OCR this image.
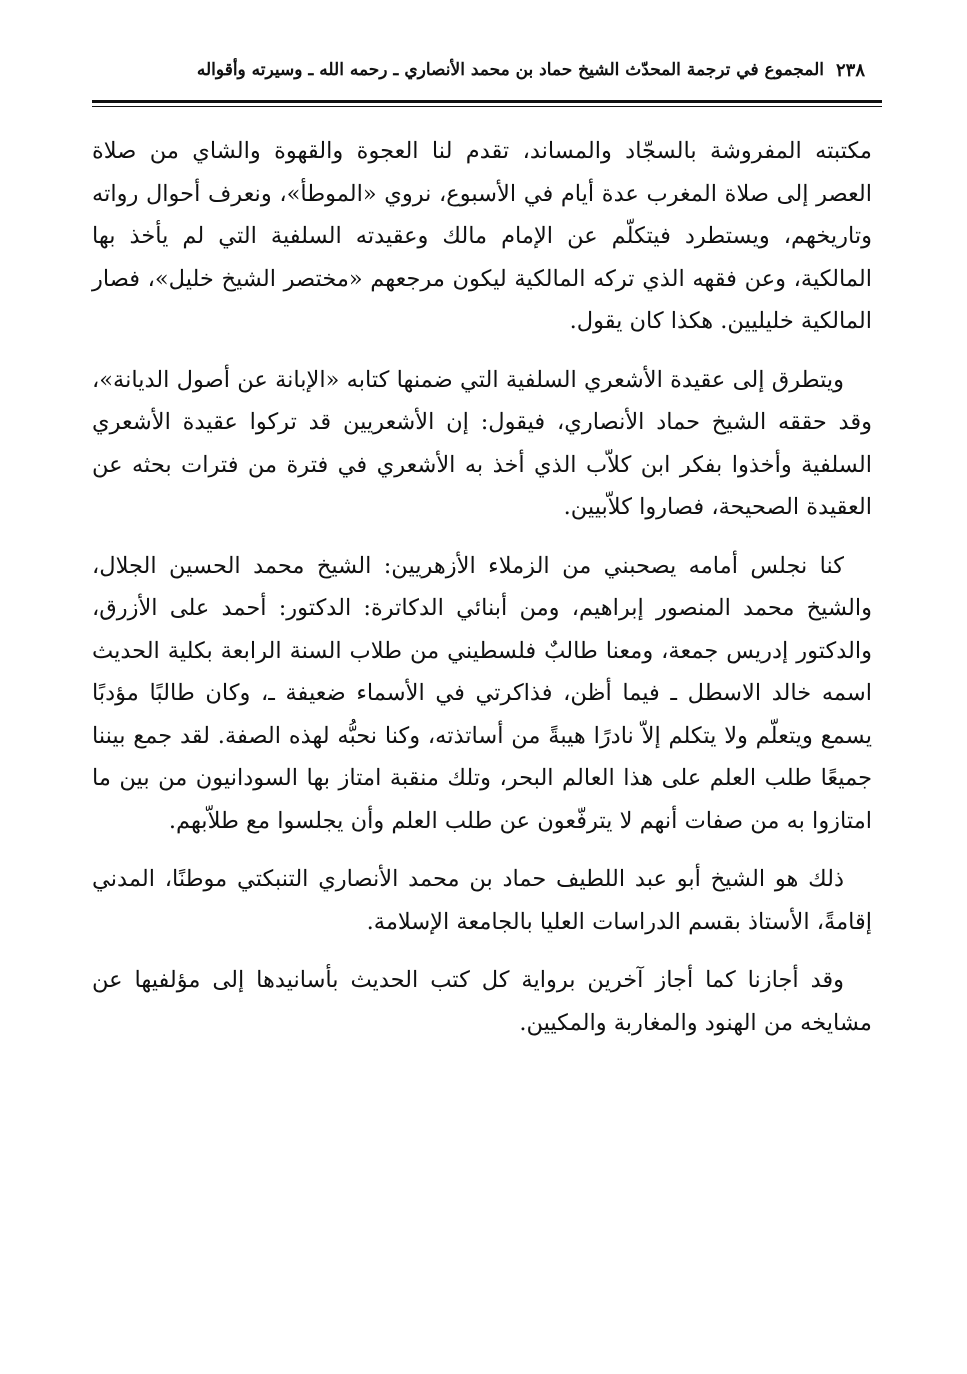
٢٣٨
المجموع في ترجمة المحدّث الشيخ حماد بن محمد الأنصاري ـ رحمه الله ـ وسيرته وأقواله

مكتبته المفروشة بالسجّاد والمساند، تقدم لنا العجوة والقهوة والشاي من صلاة العصر إلى صلاة المغرب عدة أيام في الأسبوع، نروي «الموطأ»، ونعرف أحوال رواته وتاريخهم، ويستطرد فيتكلّم عن الإمام مالك وعقيدته السلفية التي لم يأخذ بها المالكية، وعن فقهه الذي تركه المالكية ليكون مرجعهم «مختصر الشيخ خليل»، فصار المالكية خليليين. هكذا كان يقول.

ويتطرق إلى عقيدة الأشعري السلفية التي ضمنها كتابه «الإبانة عن أصول الديانة»، وقد حققه الشيخ حماد الأنصاري، فيقول: إن الأشعريين قد تركوا عقيدة الأشعري السلفية وأخذوا بفكر ابن كلاّب الذي أخذ به الأشعري في فترة من فترات بحثه عن العقيدة الصحيحة، فصاروا كلاّبيين.

كنا نجلس أمامه يصحبني من الزملاء الأزهريين: الشيخ محمد الحسين الجلال، والشيخ محمد المنصور إبراهيم، ومن أبنائي الدكاترة: الدكتور: أحمد على الأزرق، والدكتور إدريس جمعة، ومعنا طالبٌ فلسطيني من طلاب السنة الرابعة بكلية الحديث اسمه خالد الاسطل ـ فيما أظن، فذاكرتي في الأسماء ضعيفة ـ، وكان طالبًا مؤدبًا يسمع ويتعلّم ولا يتكلم إلاّ نادرًا هيبةً من أساتذته، وكنا نحبُّه لهذه الصفة. لقد جمع بيننا جميعًا طلب العلم على هذا العالم البحر، وتلك منقبة امتاز بها السودانيون من بين ما امتازوا به من صفات أنهم لا يترفّعون عن طلب العلم وأن يجلسوا مع طلاّبهم.

ذلك هو الشيخ أبو عبد اللطيف حماد بن محمد الأنصاري التنبكتي موطنًا، المدني إقامةً، الأستاذ بقسم الدراسات العليا بالجامعة الإسلامة.

وقد أجازنا كما أجاز آخرين برواية كل كتب الحديث بأسانيدها إلى مؤلفيها عن مشايخه من الهنود والمغاربة والمكيين.
